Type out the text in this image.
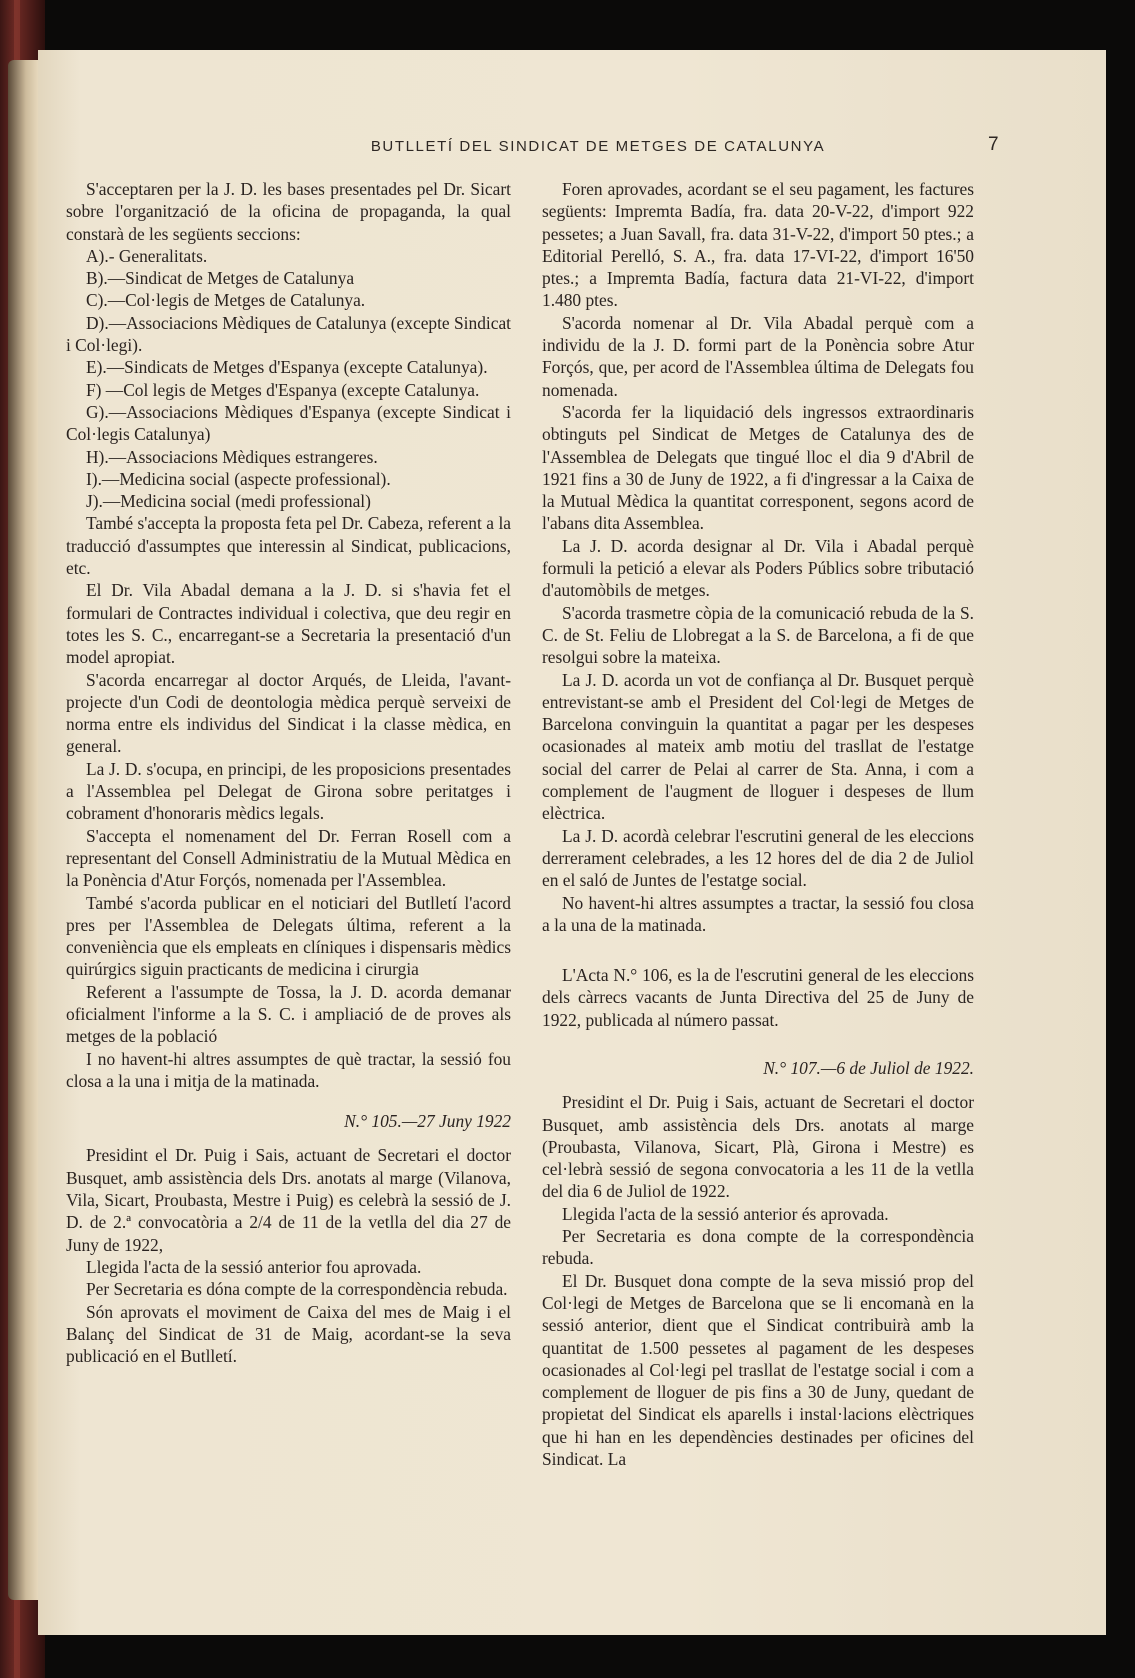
BUTLLETÍ DEL SINDICAT DE METGES DE CATALUNYA	7

S'acceptaren per la J. D. les bases presentades pel Dr. Sicart sobre l'organització de la oficina de propaganda, la qual constarà de les següents seccions:

A).- Generalitats.

B).—Sindicat de Metges de Catalunya

C).—Col·legis de Metges de Catalunya.

D).—Associacions Mèdiques de Catalunya (excepte Sindicat i Col·legi).

E).—Sindicats de Metges d'Espanya (excepte Catalunya).

F) —Col legis de Metges d'Espanya (excepte Catalunya.

G).—Associacions Mèdiques d'Espanya (excepte Sindicat i Col·legis Catalunya)

H).—Associacions Mèdiques estrangeres.

I).—Medicina social (aspecte professional).

J).—Medicina social (medi professional)

També s'accepta la proposta feta pel Dr. Cabeza, referent a la traducció d'assumptes que interessin al Sindicat, publicacions, etc.

El Dr. Vila Abadal demana a la J. D. si s'havia fet el formulari de Contractes individual i colectiva, que deu regir en totes les S. C., encarregant-se a Secretaria la presentació d'un model apropiat.

S'acorda encarregar al doctor Arqués, de Lleida, l'avant-projecte d'un Codi de deontologia mèdica perquè serveixi de norma entre els individus del Sindicat i la classe mèdica, en general.

La J. D. s'ocupa, en principi, de les proposicions presentades a l'Assemblea pel Delegat de Girona sobre peritatges i cobrament d'honoraris mèdics legals.

S'accepta el nomenament del Dr. Ferran Rosell com a representant del Consell Administratiu de la Mutual Mèdica en la Ponència d'Atur Forçós, nomenada per l'Assemblea.

També s'acorda publicar en el noticiari del Butlletí l'acord pres per l'Assemblea de Delegats última, referent a la conveniència que els empleats en clíniques i dispensaris mèdics quirúrgics siguin practicants de medicina i cirurgia

Referent a l'assumpte de Tossa, la J. D. acorda demanar oficialment l'informe a la S. C. i ampliació de de proves als metges de la població

I no havent-hi altres assumptes de què tractar, la sessió fou closa a la una i mitja de la matinada.

N.° 105.—27 Juny 1922

Presidint el Dr. Puig i Sais, actuant de Secretari el doctor Busquet, amb assistència dels Drs. anotats al marge (Vilanova, Vila, Sicart, Proubasta, Mestre i Puig) es celebrà la sessió de J. D. de 2.ª convocatòria a 2/4 de 11 de la vetlla del dia 27 de Juny de 1922,

Llegida l'acta de la sessió anterior fou aprovada.

Per Secretaria es dóna compte de la correspondència rebuda.

Són aprovats el moviment de Caixa del mes de Maig i el Balanç del Sindicat de 31 de Maig, acordant-se la seva publicació en el Butlletí.

Foren aprovades, acordant se el seu pagament, les factures següents: Impremta Badía, fra. data 20-V-22, d'import 922 pessetes; a Juan Savall, fra. data 31-V-22, d'import 50 ptes.; a Editorial Perelló, S. A., fra. data 17-VI-22, d'import 16'50 ptes.; a Impremta Badía, factura data 21-VI-22, d'import 1.480 ptes.

S'acorda nomenar al Dr. Vila Abadal perquè com a individu de la J. D. formi part de la Ponència sobre Atur Forçós, que, per acord de l'Assemblea última de Delegats fou nomenada.

S'acorda fer la liquidació dels ingressos extraordinaris obtinguts pel Sindicat de Metges de Catalunya des de l'Assemblea de Delegats que tingué lloc el dia 9 d'Abril de 1921 fins a 30 de Juny de 1922, a fi d'ingressar a la Caixa de la Mutual Mèdica la quantitat corresponent, segons acord de l'abans dita Assemblea.

La J. D. acorda designar al Dr. Vila i Abadal perquè formuli la petició a elevar als Poders Públics sobre tributació d'automòbils de metges.

S'acorda trasmetre còpia de la comunicació rebuda de la S. C. de St. Feliu de Llobregat a la S. de Barcelona, a fi de que resolgui sobre la mateixa.

La J. D. acorda un vot de confiança al Dr. Busquet perquè entrevistant-se amb el President del Col·legi de Metges de Barcelona convinguin la quantitat a pagar per les despeses ocasionades al mateix amb motiu del trasllat de l'estatge social del carrer de Pelai al carrer de Sta. Anna, i com a complement de l'augment de lloguer i despeses de llum elèctrica.

La J. D. acordà celebrar l'escrutini general de les eleccions derrerament celebrades, a les 12 hores del de dia 2 de Juliol en el saló de Juntes de l'estatge social.

No havent-hi altres assumptes a tractar, la sessió fou closa a la una de la matinada.

L'Acta N.° 106, es la de l'escrutini general de les eleccions dels càrrecs vacants de Junta Directiva del 25 de Juny de 1922, publicada al número passat.

N.° 107.—6 de Juliol de 1922.

Presidint el Dr. Puig i Sais, actuant de Secretari el doctor Busquet, amb assistència dels Drs. anotats al marge (Proubasta, Vilanova, Sicart, Plà, Girona i Mestre) es cel·lebrà sessió de segona convocatoria a les 11 de la vetlla del dia 6 de Juliol de 1922.

Llegida l'acta de la sessió anterior és aprovada.

Per Secretaria es dona compte de la correspondència rebuda.

El Dr. Busquet dona compte de la seva missió prop del Col·legi de Metges de Barcelona que se li encomanà en la sessió anterior, dient que el Sindicat contribuirà amb la quantitat de 1.500 pessetes al pagament de les despeses ocasionades al Col·legi pel trasllat de l'estatge social i com a complement de lloguer de pis fins a 30 de Juny, quedant de propietat del Sindicat els aparells i instal·lacions elèctriques que hi han en les dependències destinades per oficines del Sindicat. La
